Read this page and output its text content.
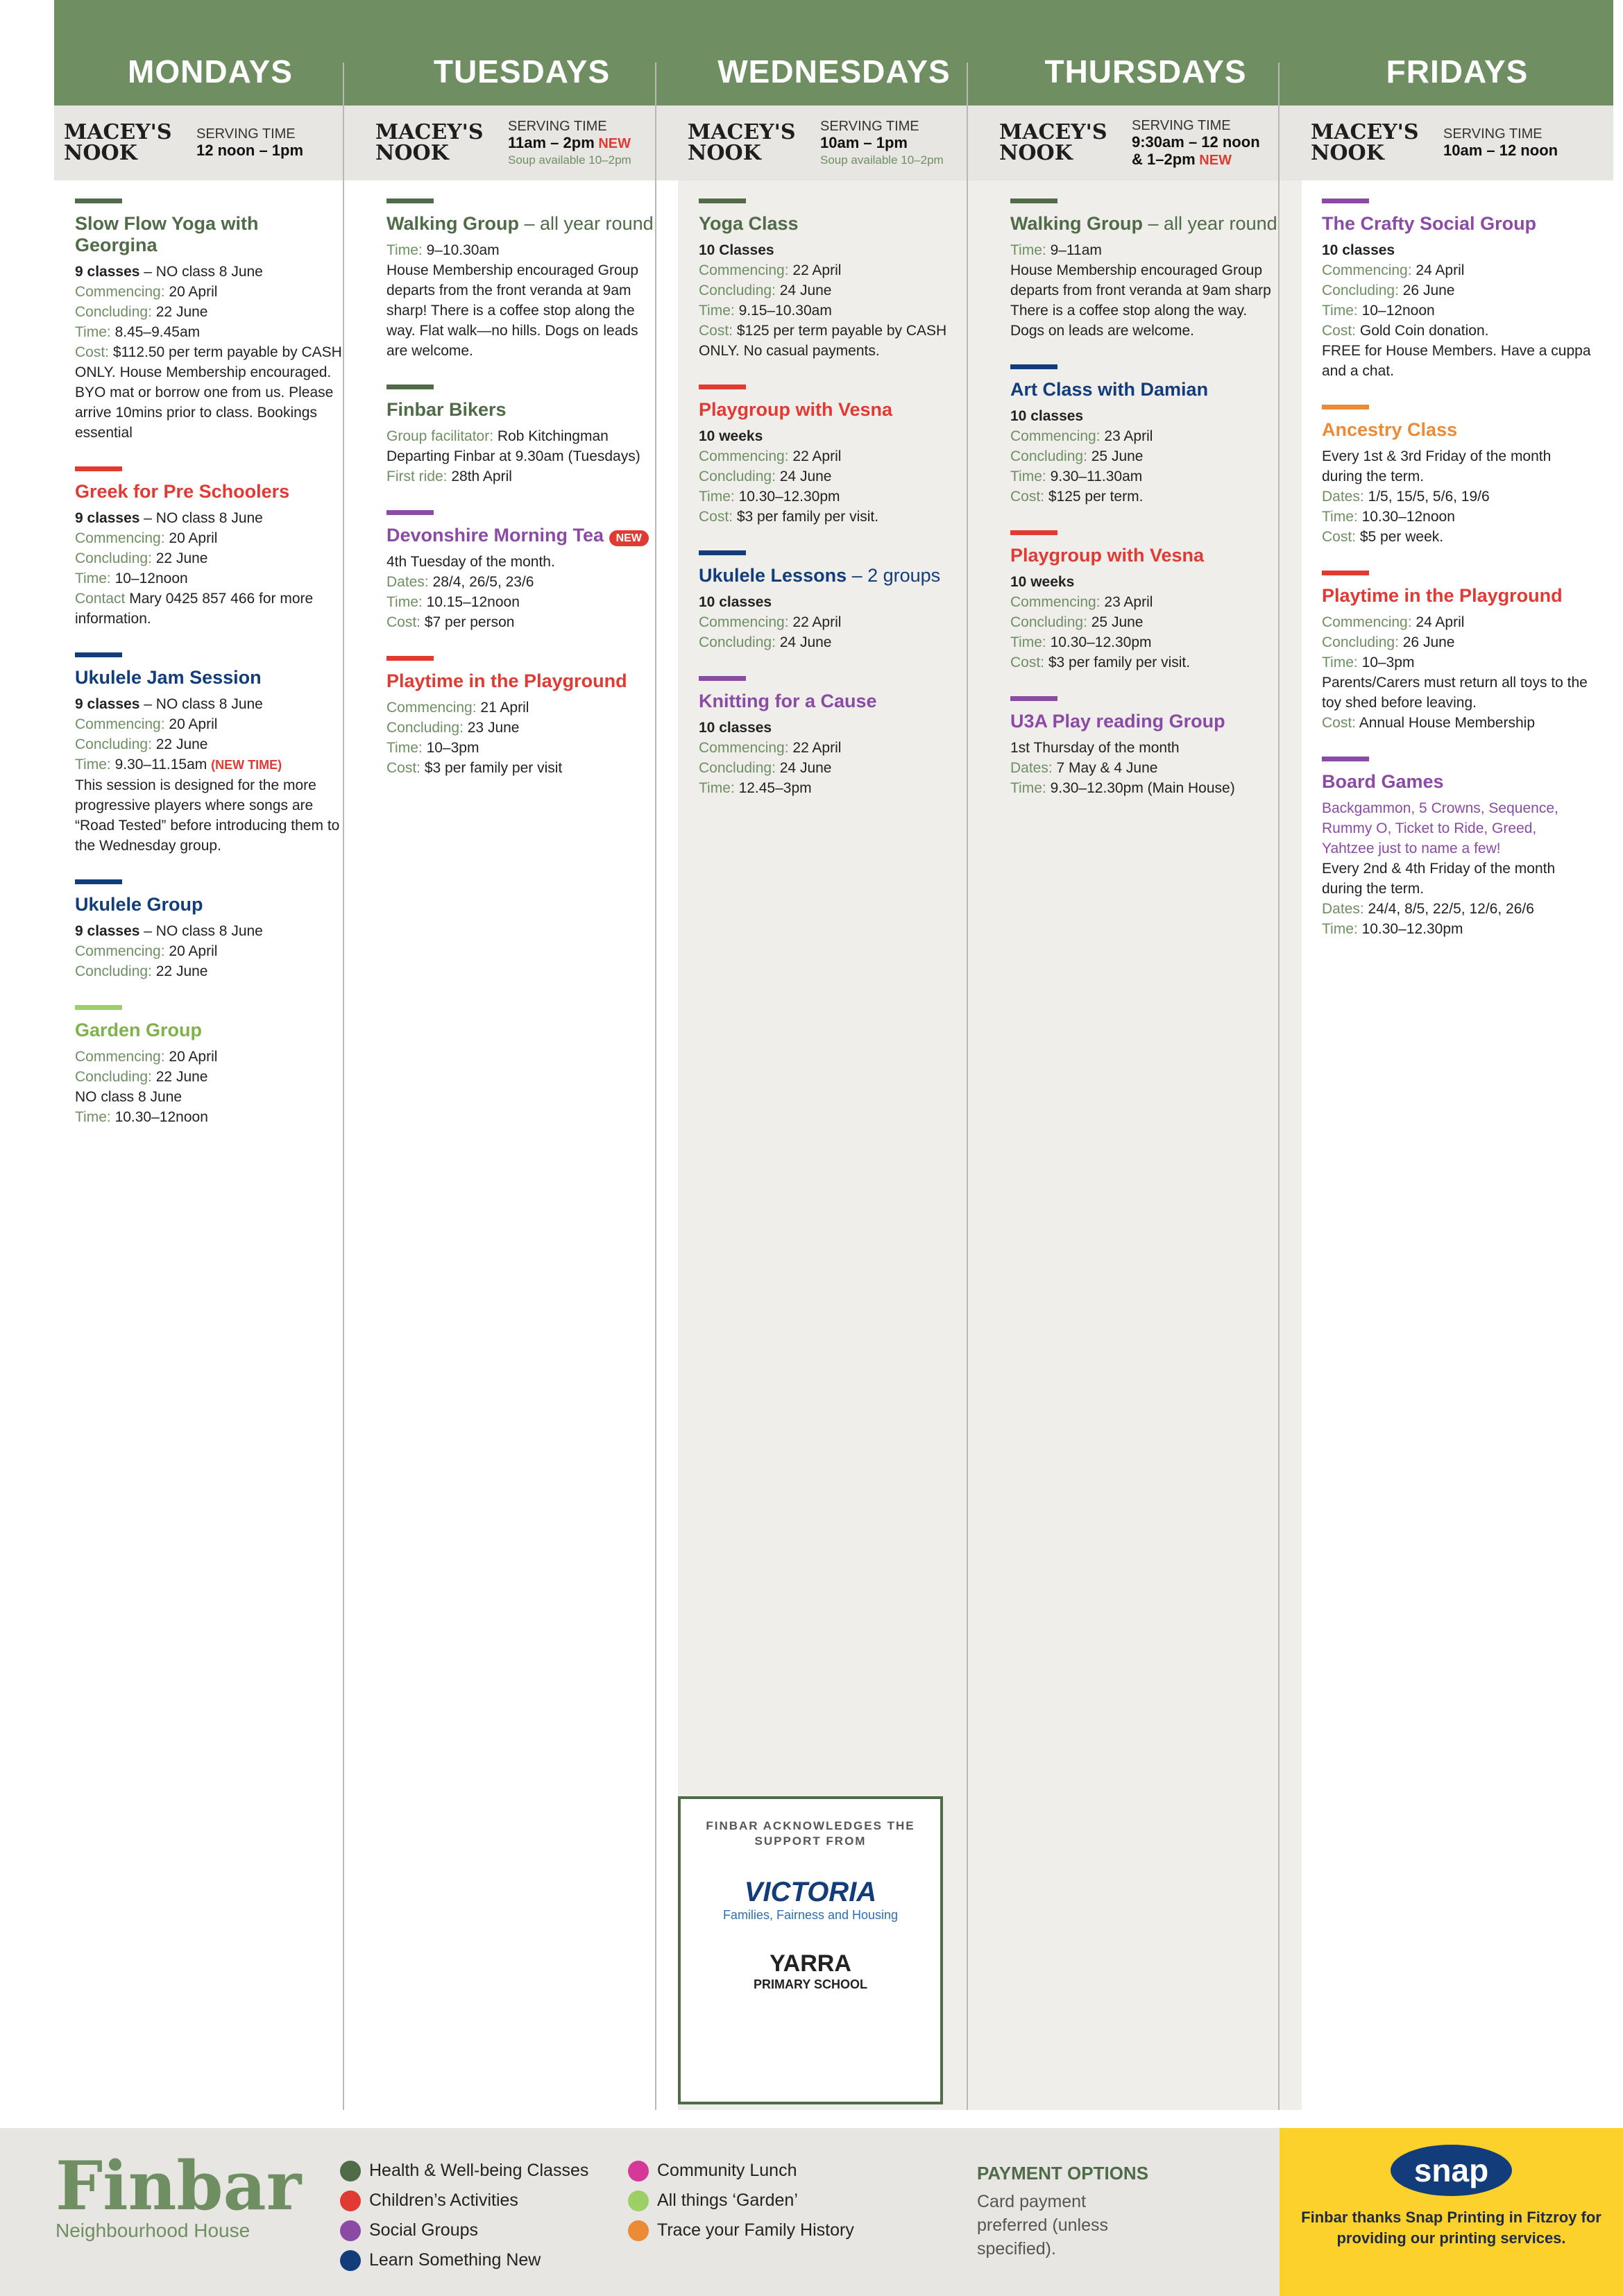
MONDAYS
MACEY'S NOOK
SERVING TIME
12 noon – 1pm
Slow Flow Yoga with Georgina
9 classes – NO class 8 June
Commencing: 20 April
Concluding: 22 June
Time: 8.45–9.45am
Cost: $112.50 per term payable by CASH ONLY. House Membership encouraged.
BYO mat or borrow one from us. Please arrive 10mins prior to class. Bookings essential
Greek for Pre Schoolers
9 classes – NO class 8 June
Commencing: 20 April
Concluding: 22 June
Time: 10–12noon
Contact Mary 0425 857 466 for more information.
Ukulele Jam Session
9 classes – NO class 8 June
Commencing: 20 April
Concluding: 22 June
Time: 9.30–11.15am (NEW TIME)
This session is designed for the more progressive players where songs are “Road Tested” before introducing them to the Wednesday group.
Ukulele Group
9 classes – NO class 8 June
Commencing: 20 April
Concluding: 22 June
Garden Group
Commencing: 20 April
Concluding: 22 June
NO class 8 June
Time: 10.30–12noon
TUESDAYS
MACEY'S NOOK
SERVING TIME
11am – 2pm NEW
Soup available 10–2pm
Walking Group – all year round
Time: 9–10.30am
House Membership encouraged Group departs from the front veranda at 9am sharp! There is a coffee stop along the way. Flat walk—no hills. Dogs on leads are welcome.
Finbar Bikers
Group facilitator: Rob Kitchingman
Departing Finbar at 9.30am (Tuesdays)
First ride: 28th April
Devonshire Morning Tea NEW
4th Tuesday of the month.
Dates: 28/4, 26/5, 23/6
Time: 10.15–12noon
Cost: $7 per person
Playtime in the Playground
Commencing: 21 April
Concluding: 23 June
Time: 10–3pm
Cost: $3 per family per visit
WEDNESDAYS
MACEY'S NOOK
SERVING TIME
10am – 1pm
Soup available 10–2pm
Yoga Class
10 Classes
Commencing: 22 April
Concluding: 24 June
Time: 9.15–10.30am
Cost: $125 per term payable by CASH ONLY. No casual payments.
Playgroup with Vesna
10 weeks
Commencing: 22 April
Concluding: 24 June
Time: 10.30–12.30pm
Cost: $3 per family per visit.
Ukulele Lessons – 2 groups
10 classes
Commencing: 22 April
Concluding: 24 June
Knitting for a Cause
10 classes
Commencing: 22 April
Concluding: 24 June
Time: 12.45–3pm
THURSDAYS
MACEY'S NOOK
SERVING TIME
9:30am – 12 noon
& 1–2pm NEW
Walking Group – all year round
Time: 9–11am
House Membership encouraged Group departs from front veranda at 9am sharp There is a coffee stop along the way. Dogs on leads are welcome.
Art Class with Damian
10 classes
Commencing: 23 April
Concluding: 25 June
Time: 9.30–11.30am
Cost: $125 per term.
Playgroup with Vesna
10 weeks
Commencing: 23 April
Concluding: 25 June
Time: 10.30–12.30pm
Cost: $3 per family per visit.
U3A Play reading Group
1st Thursday of the month
Dates: 7 May & 4 June
Time: 9.30–12.30pm (Main House)
FRIDAYS
MACEY'S NOOK
SERVING TIME
10am – 12 noon
The Crafty Social Group
10 classes
Commencing: 24 April
Concluding: 26 June
Time: 10–12noon
Cost: Gold Coin donation.
FREE for House Members. Have a cuppa and a chat.
Ancestry Class
Every 1st & 3rd Friday of the month during the term.
Dates: 1/5, 15/5, 5/6, 19/6
Time: 10.30–12noon
Cost: $5 per week.
Playtime in the Playground
Commencing: 24 April
Concluding: 26 June
Time: 10–3pm
Parents/Carers must return all toys to the toy shed before leaving.
Cost: Annual House Membership
Board Games
Backgammon, 5 Crowns, Sequence, Rummy O, Ticket to Ride, Greed, Yahtzee just to name a few!
Every 2nd & 4th Friday of the month during the term.
Dates: 24/4, 8/5, 22/5, 12/6, 26/6
Time: 10.30–12.30pm
FINBAR ACKNOWLEDGES THE SUPPORT FROM
VICTORIA
Families, Fairness and Housing
YARRA
PRIMARY SCHOOL
Finbar
Neighbourhood House
Health & Well-being Classes
Children’s Activities
Social Groups
Learn Something New
Community Lunch
All things ‘Garden’
Trace your Family History
PAYMENT OPTIONS
Card payment preferred (unless specified).
snap
Finbar thanks Snap Printing in Fitzroy for providing our printing services.
